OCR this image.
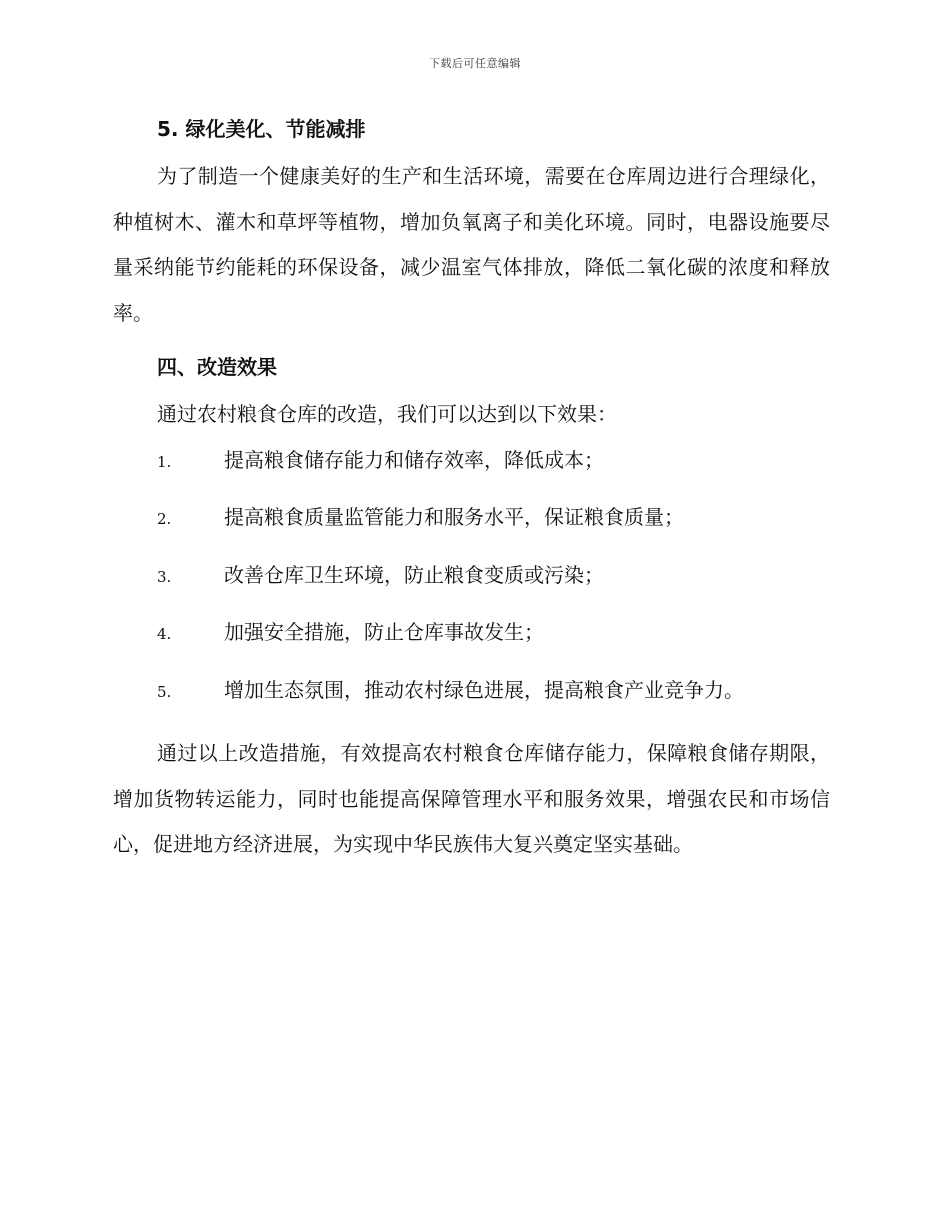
下载后可任意编辑
5. 绿化美化、节能减排

为了制造一个健康美好的生产和生活环境，需要在仓库周边进行合理绿化，种植树木、灌木和草坪等植物，增加负氧离子和美化环境。同时，电器设施要尽量采纳能节约能耗的环保设备，减少温室气体排放，降低二氧化碳的浓度和释放率。

四、改造效果

通过农村粮食仓库的改造，我们可以达到以下效果：

1.	提高粮食储存能力和储存效率，降低成本；
2.	提高粮食质量监管能力和服务水平，保证粮食质量；
3.	改善仓库卫生环境，防止粮食变质或污染；
4.	加强安全措施，防止仓库事故发生；
5.	增加生态氛围，推动农村绿色进展，提高粮食产业竞争力。

通过以上改造措施，有效提高农村粮食仓库储存能力，保障粮食储存期限，增加货物转运能力，同时也能提高保障管理水平和服务效果，增强农民和市场信心，促进地方经济进展，为实现中华民族伟大复兴奠定坚实基础。
